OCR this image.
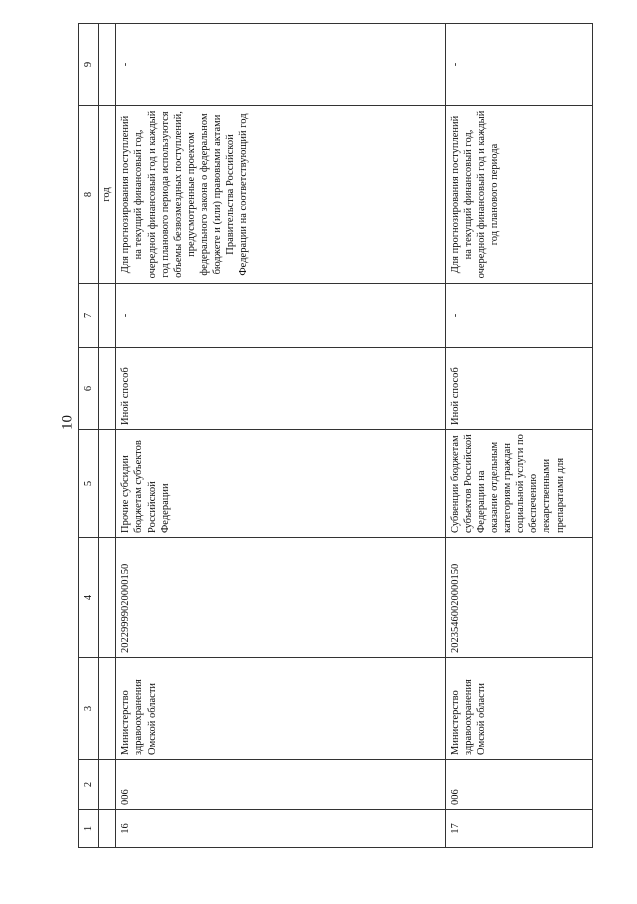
10
1	2	3	4	5	6	7	8	9
							год	
16	006	Министерство здравоохранения Омской области	20229999020000150	Прочие субсидии бюджетам субъектов Российской Федерации	Иной способ	-	Для прогнозирования поступлений на текущий финансовый год, очередной финансовый год и каждый год планового периода используются объемы безвозмездных поступлений, предусмотренные проектом федерального закона о федеральном бюджете и (или) правовыми актами Правительства Российской Федерации на соответствующий год	-
17	006	Министерство здравоохранения Омской области	20235460020000150	Субвенции бюджетам субъектов Российской Федерации на оказание отдельным категориям граждан социальной услуги по обеспечению лекарственными препаратами для	Иной способ	-	Для прогнозирования поступлений на текущий финансовый год, очередной финансовый год и каждый год планового периода	-
